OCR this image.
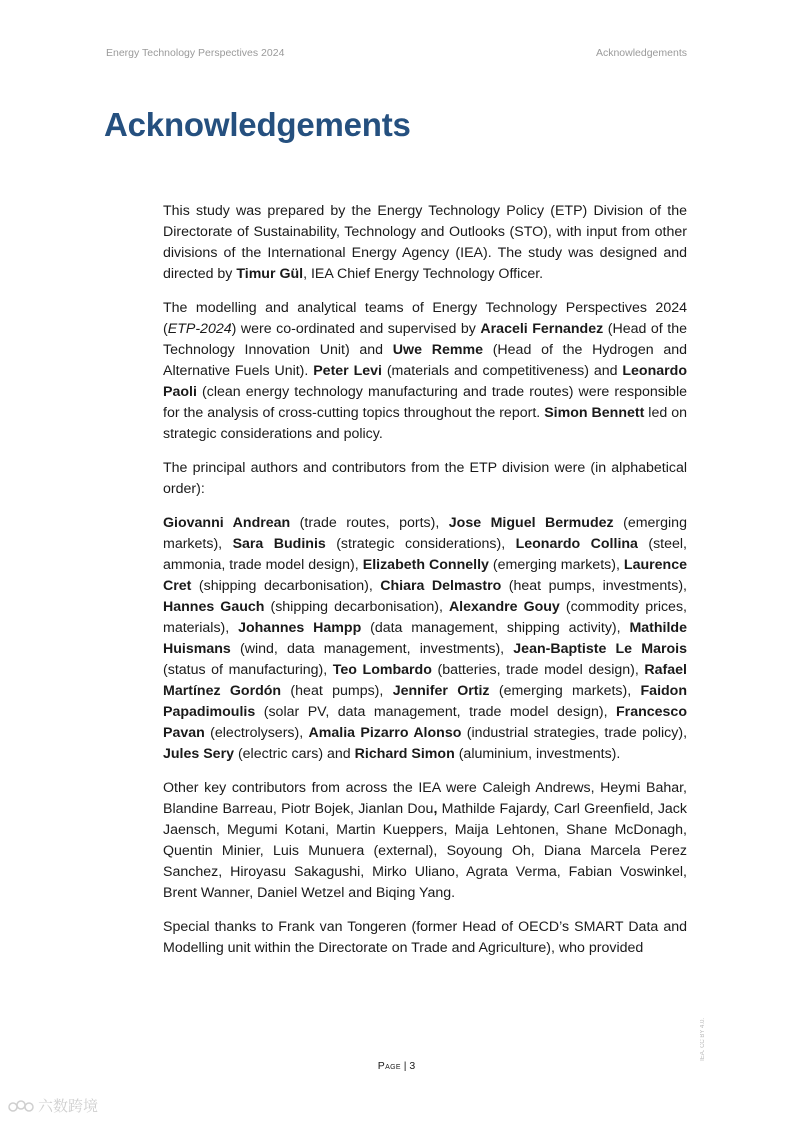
Energy Technology Perspectives 2024	Acknowledgements
Acknowledgements

This study was prepared by the Energy Technology Policy (ETP) Division of the Directorate of Sustainability, Technology and Outlooks (STO), with input from other divisions of the International Energy Agency (IEA). The study was designed and directed by Timur Gül, IEA Chief Energy Technology Officer.

The modelling and analytical teams of Energy Technology Perspectives 2024 (ETP-2024) were co-ordinated and supervised by Araceli Fernandez (Head of the Technology Innovation Unit) and Uwe Remme (Head of the Hydrogen and Alternative Fuels Unit). Peter Levi (materials and competitiveness) and Leonardo Paoli (clean energy technology manufacturing and trade routes) were responsible for the analysis of cross-cutting topics throughout the report. Simon Bennett led on strategic considerations and policy.

The principal authors and contributors from the ETP division were (in alphabetical order):

Giovanni Andrean (trade routes, ports), Jose Miguel Bermudez (emerging markets), Sara Budinis (strategic considerations), Leonardo Collina (steel, ammonia, trade model design), Elizabeth Connelly (emerging markets), Laurence Cret (shipping decarbonisation), Chiara Delmastro (heat pumps, investments), Hannes Gauch (shipping decarbonisation), Alexandre Gouy (commodity prices, materials), Johannes Hampp (data management, shipping activity), Mathilde Huismans (wind, data management, investments), Jean-Baptiste Le Marois (status of manufacturing), Teo Lombardo (batteries, trade model design), Rafael Martínez Gordón (heat pumps), Jennifer Ortiz (emerging markets), Faidon Papadimoulis (solar PV, data management, trade model design), Francesco Pavan (electrolysers), Amalia Pizarro Alonso (industrial strategies, trade policy), Jules Sery (electric cars) and Richard Simon (aluminium, investments).

Other key contributors from across the IEA were Caleigh Andrews, Heymi Bahar, Blandine Barreau, Piotr Bojek, Jianlan Dou, Mathilde Fajardy, Carl Greenfield, Jack Jaensch, Megumi Kotani, Martin Kueppers, Maija Lehtonen, Shane McDonagh, Quentin Minier, Luis Munuera (external), Soyoung Oh, Diana Marcela Perez Sanchez, Hiroyasu Sakagushi, Mirko Uliano, Agrata Verma, Fabian Voswinkel, Brent Wanner, Daniel Wetzel and Biqing Yang.

Special thanks to Frank van Tongeren (former Head of OECD’s SMART Data and Modelling unit within the Directorate on Trade and Agriculture), who provided

Page | 3
IEA. CC BY 4.0.
六数跨境
